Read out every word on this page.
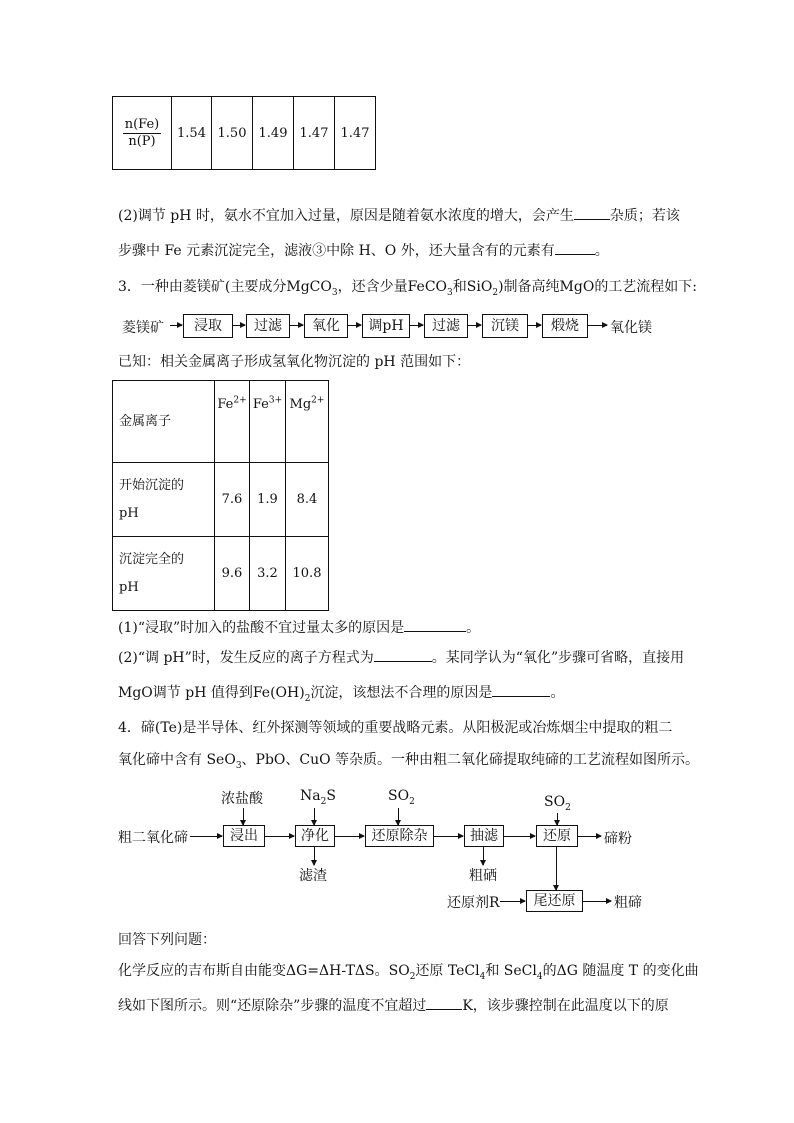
$\frac{n(Fe)}{n(P)}$	1.54	1.50	1.49	1.47	1.47
(2)调节 pH 时，氨水不宜加入过量，原因是随着氨水浓度的增大，会产生	杂质；若该
步骤中 Fe 元素沉淀完全，滤液③中除 H、O 外，还大量含有的元素有	。
3．一种由菱镁矿(主要成分MgCO$_3$，还含少量FeCO$_3$和SiO$_2$)制备高纯MgO的工艺流程如下:
菱镁矿	浸取	过滤	氧化	调pH	过滤	沉镁	煅烧	氧化镁
已知：相关金属离子形成氢氧化物沉淀的 pH 范围如下：
金属离子	$Fe^{2+}$	$Fe^{3+}$	$Mg^{2+}$
开始沉淀的
pH	7.6	1.9	8.4
沉淀完全的
pH	9.6	3.2	10.8
(1)“浸取”时加入的盐酸不宜过量太多的原因是	。
(2)“调 pH”时，发生反应的离子方程式为	。某同学认为“氧化”步骤可省略，直接用
MgO调节 pH 值得到$Fe(OH)_2$沉淀，该想法不合理的原因是	。
4．碲(Te)是半导体、红外探测等领域的重要战略元素。从阳极泥或冶炼烟尘中提取的粗二
氧化碲中含有 SeO$_3$、PbO、CuO 等杂质。一种由粗二氧化碲提取纯碲的工艺流程如图所示。
浓盐酸	$Na_2S$	$SO_2$	$SO_2$
粗二氧化碲	浸出	净化	还原除杂	抽滤	还原	碲粉
滤渣	粗硒
还原剂R	尾还原	粗碲
回答下列问题：
化学反应的吉布斯自由能变ΔG=ΔH-TΔS。$SO_2$还原 TeCl$_4$和 SeCl$_4$的ΔG 随温度 T 的变化曲
线如下图所示。则“还原除杂”步骤的温度不宜超过	K，该步骤控制在此温度以下的原
